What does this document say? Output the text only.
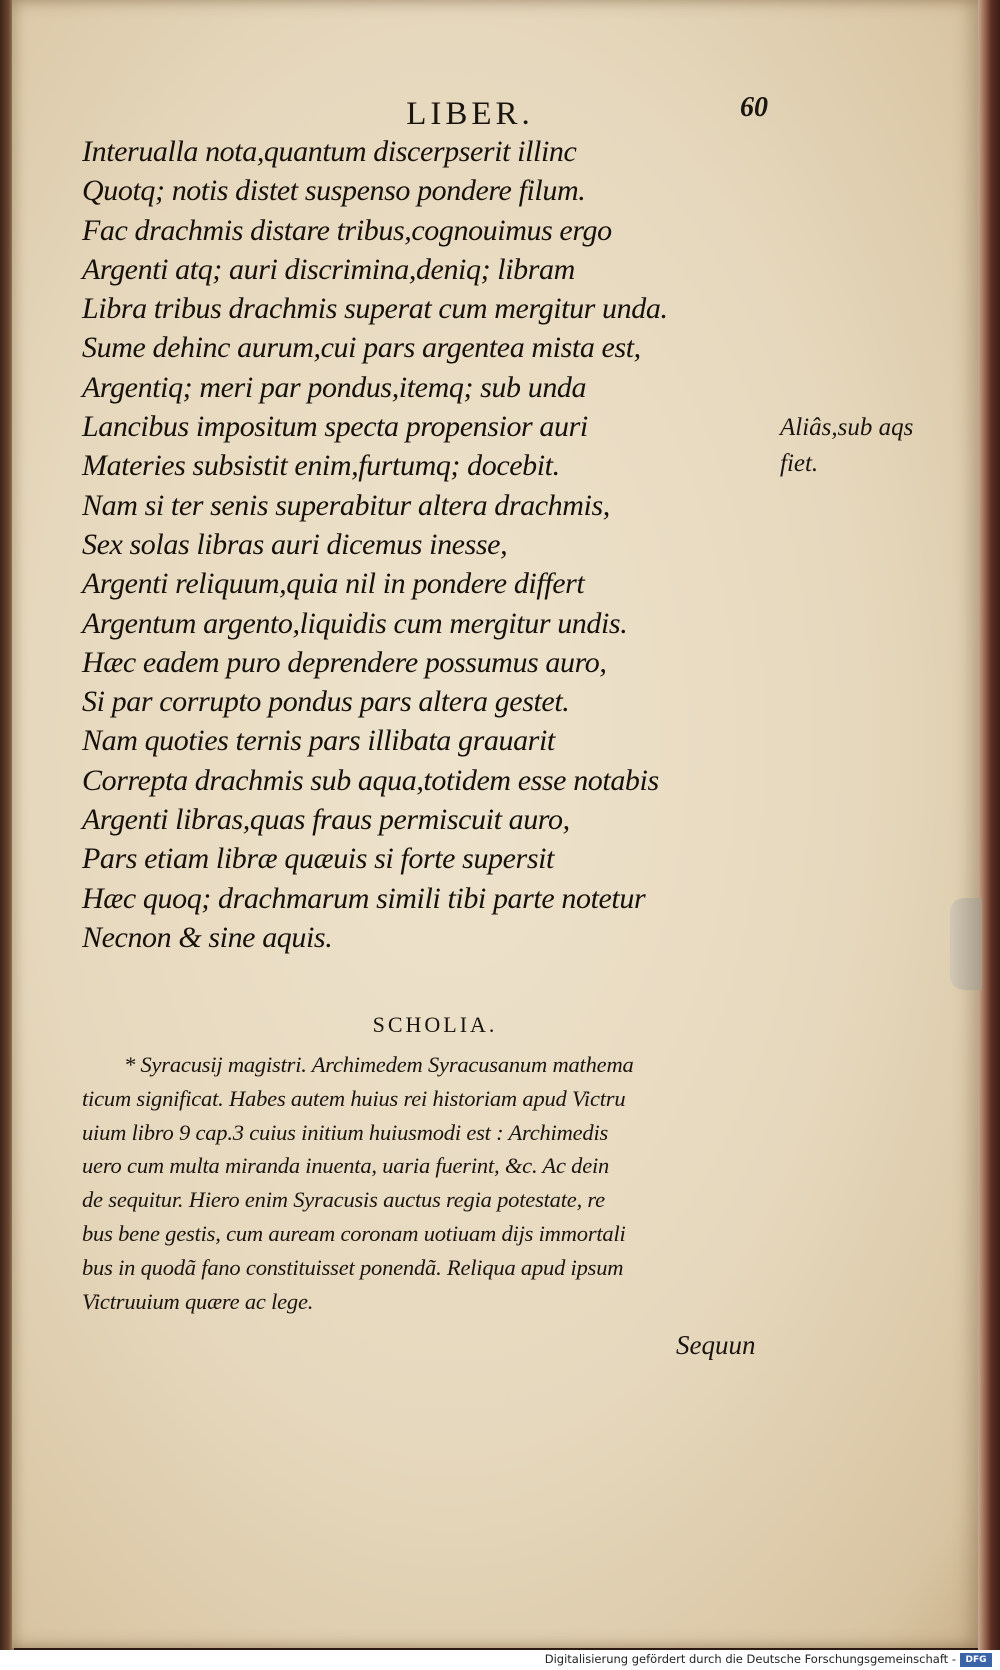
LIBER.	60
Interualla nota,quantum discerpserit illinc
Quotq; notis distet suspenso pondere filum.
Fac drachmis distare tribus,cognouimus ergo
Argenti atq; auri discrimina,deniq; libram
Libra tribus drachmis superat cum mergitur unda.
Sume dehinc aurum,cui pars argentea mista est,
Argentiq; meri par pondus,itemq; sub unda
Lancibus impositum specta propensior auri
Materies subsistit enim,furtumq; docebit.
Nam si ter senis superabitur altera drachmis,
Sex solas libras auri dicemus inesse,
Argenti reliquum,quia nil in pondere differt
Argentum argento,liquidis cum mergitur undis.
Hæc eadem puro deprendere possumus auro,
Si par corrupto pondus pars altera gestet.
Nam quoties ternis pars illibata grauarit
Correpta drachmis sub aqua,totidem esse notabis
Argenti libras,quas fraus permiscuit auro,
Pars etiam libræ quæuis si forte supersit
Hæc quoq; drachmarum simili tibi parte notetur
Necnon & sine aquis.
Aliâs,sub aqs
fiet.
SCHOLIA.
* Syracusij magistri. Archimedem Syracusanum mathema
ticum significat. Habes autem huius rei historiam apud Victru
uium libro 9 cap.3 cuius initium huiusmodi est : Archimedis
uero cum multa miranda inuenta, uaria fuerint, &c. Ac dein
de sequitur. Hiero enim Syracusis auctus regia potestate, re
bus bene gestis, cum auream coronam uotiuam dijs immortali
bus in quodã fano constituisset ponendã. Reliqua apud ipsum
Victruuium quære ac lege.
Sequun
Digitalisierung gefördert durch die Deutsche Forschungsgemeinschaft -	DFG
